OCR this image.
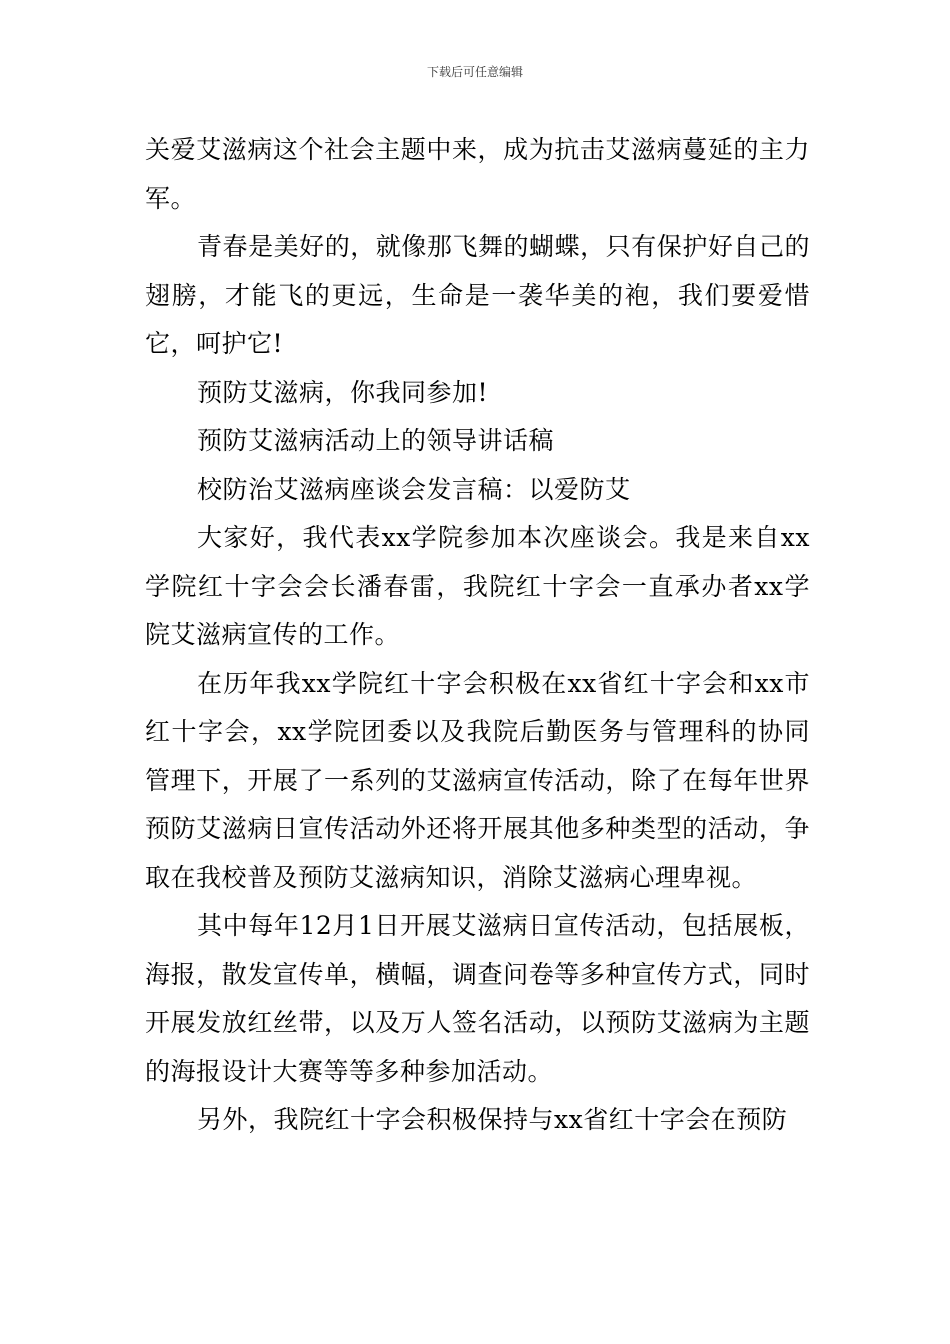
下载后可任意编辑

关爱艾滋病这个社会主题中来，成为抗击艾滋病蔓延的主力军。

青春是美好的，就像那飞舞的蝴蝶，只有保护好自己的翅膀，才能飞的更远，生命是一袭华美的袍，我们要爱惜它，呵护它!

预防艾滋病，你我同参加!

预防艾滋病活动上的领导讲话稿

校防治艾滋病座谈会发言稿：以爱防艾

大家好，我代表xx学院参加本次座谈会。我是来自xx学院红十字会会长潘春雷，我院红十字会一直承办者xx学院艾滋病宣传的工作。

在历年我xx学院红十字会积极在xx省红十字会和xx市红十字会，xx学院团委以及我院后勤医务与管理科的协同管理下，开展了一系列的艾滋病宣传活动，除了在每年世界预防艾滋病日宣传活动外还将开展其他多种类型的活动，争取在我校普及预防艾滋病知识，消除艾滋病心理卑视。

其中每年12月1日开展艾滋病日宣传活动，包括展板，海报，散发宣传单，横幅，调查问卷等多种宣传方式，同时开展发放红丝带，以及万人签名活动，以预防艾滋病为主题的海报设计大赛等等多种参加活动。

另外，我院红十字会积极保持与xx省红十字会在预防
